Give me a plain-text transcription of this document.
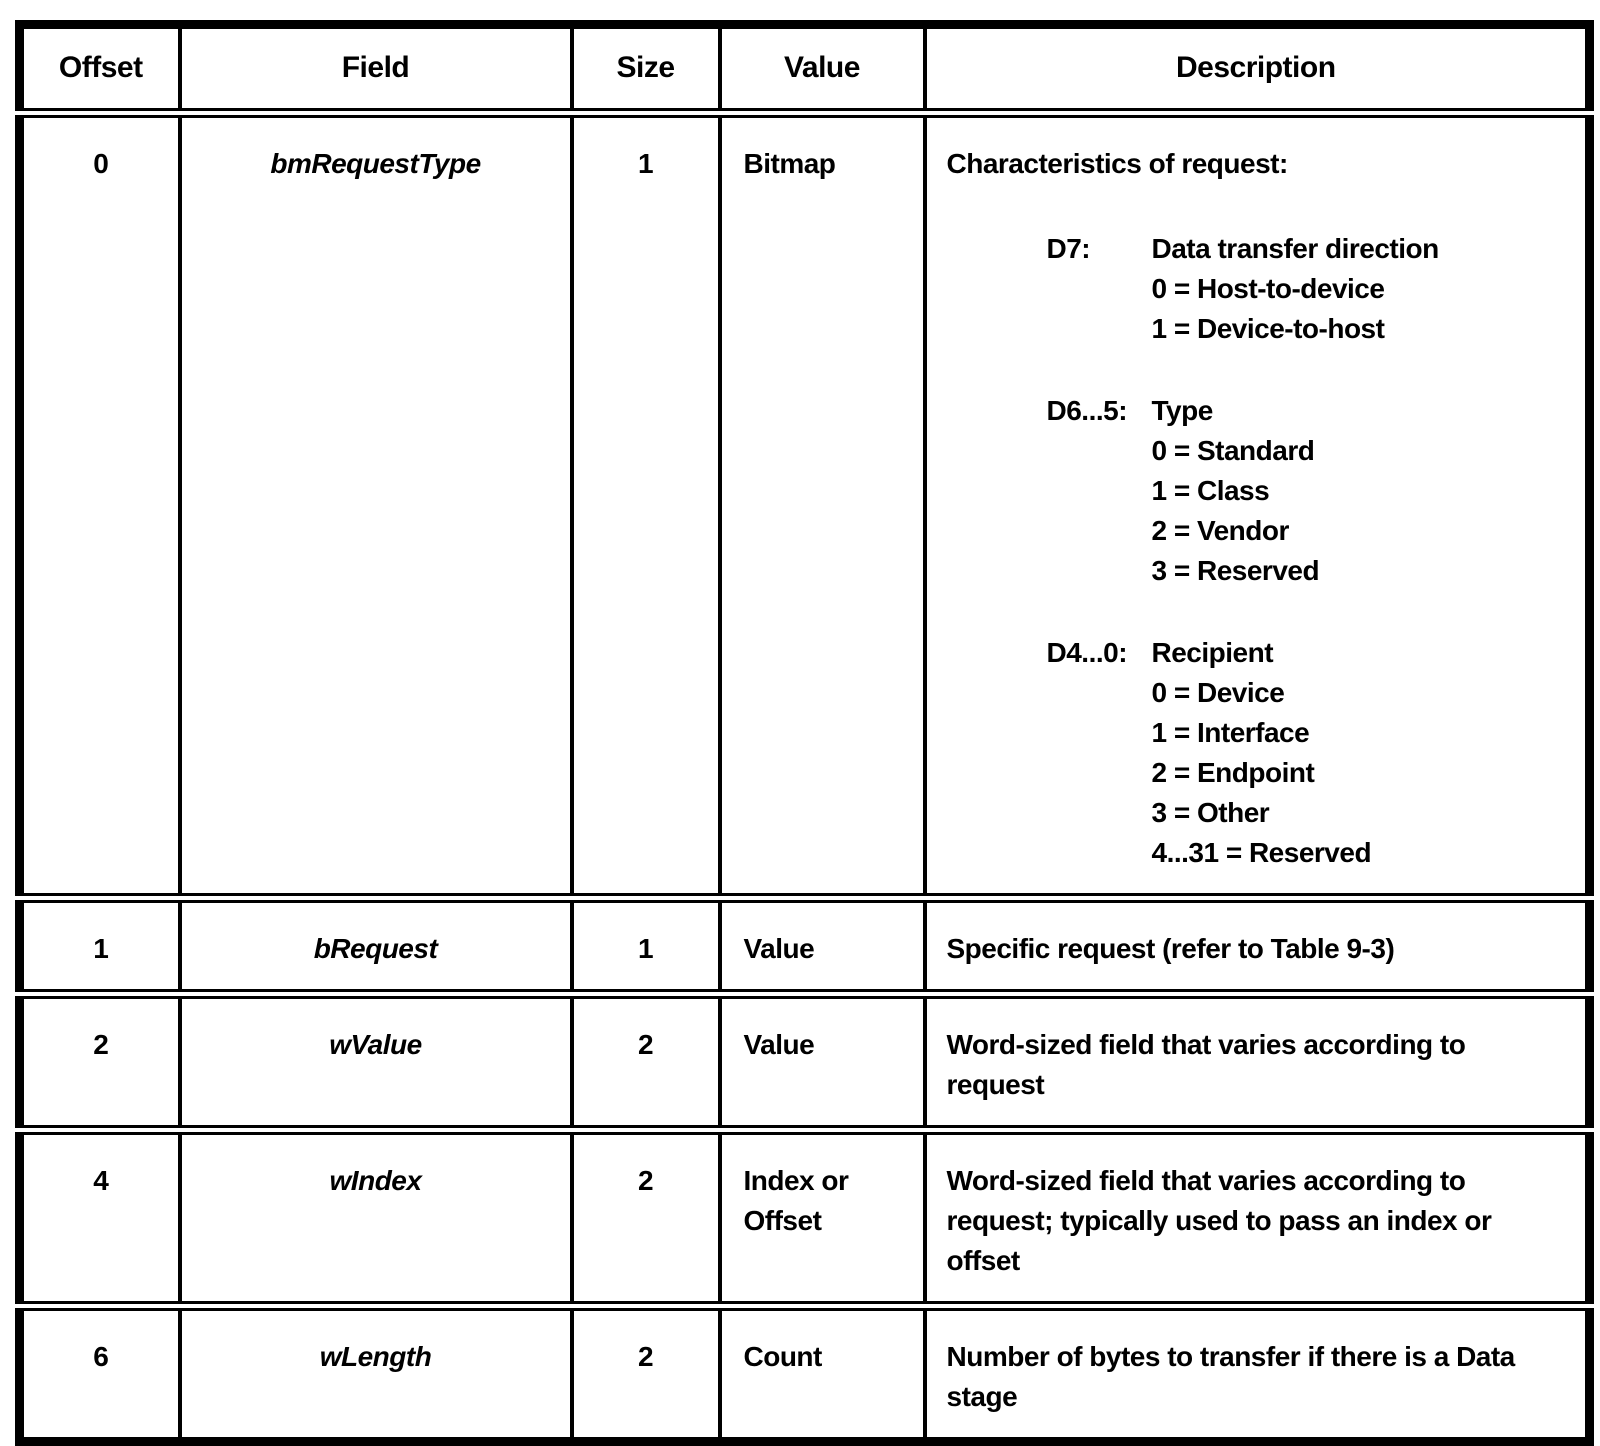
Offset	Field	Size	Value	Description
0	bmRequestType	1	Bitmap	Characteristics of request:
D7:	Data transfer direction
0 = Host-to-device
1 = Device-to-host
D6...5: Type
0 = Standard
1 = Class
2 = Vendor
3 = Reserved
D4...0: Recipient
0 = Device
1 = Interface
2 = Endpoint
3 = Other
4...31 = Reserved

1	bRequest	1	Value	Specific request (refer to Table 9-3)
2	wValue	2	Value	Word-sized field that varies according to request
4	wIndex	2	Index or Offset	Word-sized field that varies according to request; typically used to pass an index or offset
6	wLength	2	Count	Number of bytes to transfer if there is a Data stage
